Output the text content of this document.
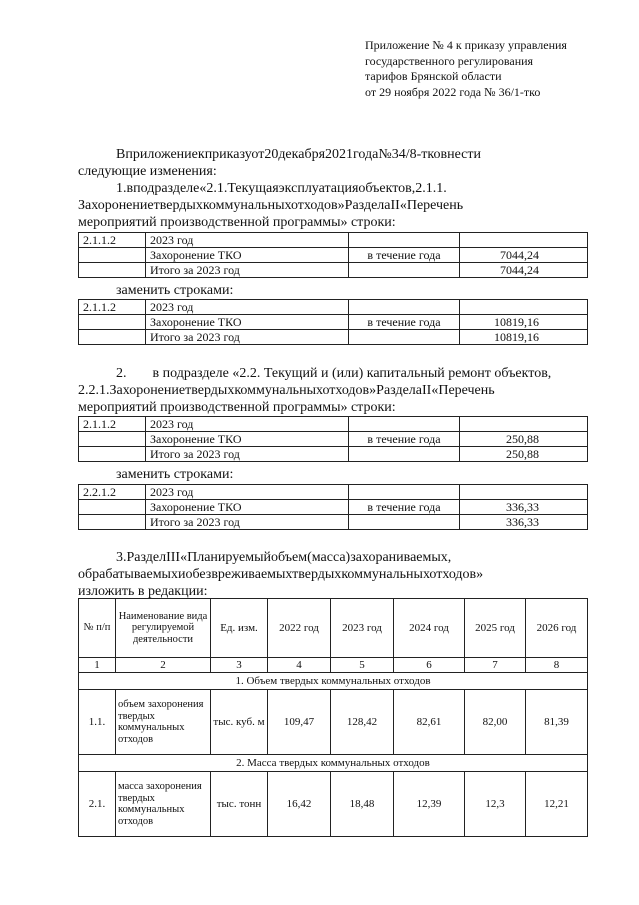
Приложение № 4 к приказу управления
государственного регулирования
тарифов Брянской области
от 29 ноября 2022 года № 36/1-тко
Вприложениекприказуот20декабря2021года№34/8-тковнести
следующие изменения:
1.вподразделе«2.1.Текущаяэксплуатацияобъектов,2.1.1.
Захоронениетвердыхкоммунальныхотходов»РазделаII«Перечень
мероприятий производственной программы» строки:
2.1.1.2	2023 год		
	Захоронение ТКО	в течение года	7044,24
	Итого за 2023 год		7044,24
заменить строками:
2.1.1.2	2023 год		
	Захоронение ТКО	в течение года	10819,16
	Итого за 2023 год		10819,16
2. в подразделе «2.2. Текущий и (или) капитальный ремонт объектов,
2.2.1.Захоронениетвердыхкоммунальныхотходов»РазделаII«Перечень
мероприятий производственной программы» строки:
2.1.1.2	2023 год		
	Захоронение ТКО	в течение года	250,88
	Итого за 2023 год		250,88
заменить строками:
2.2.1.2	2023 год		
	Захоронение ТКО	в течение года	336,33
	Итого за 2023 год		336,33
3.РазделIII«Планируемыйобъем(масса)захораниваемых,
обрабатываемыхиобезвреживаемыхтвердыхкоммунальныхотходов»
изложить в редакции:
№ п/п	Наименование вида регулируемой деятельности	Ед. изм.	2022 год	2023 год	2024 год	2025 год	2026 год
1	2	3	4	5	6	7	8
1. Объем твердых коммунальных отходов							
1.1.	объем захоронения твердых коммунальных отходов	тыс. куб. м	109,47	128,42	82,61	82,00	81,39
2. Масса твердых коммунальных отходов							
2.1.	масса захоронения твердых коммунальных отходов	тыс. тонн	16,42	18,48	12,39	12,3	12,21
